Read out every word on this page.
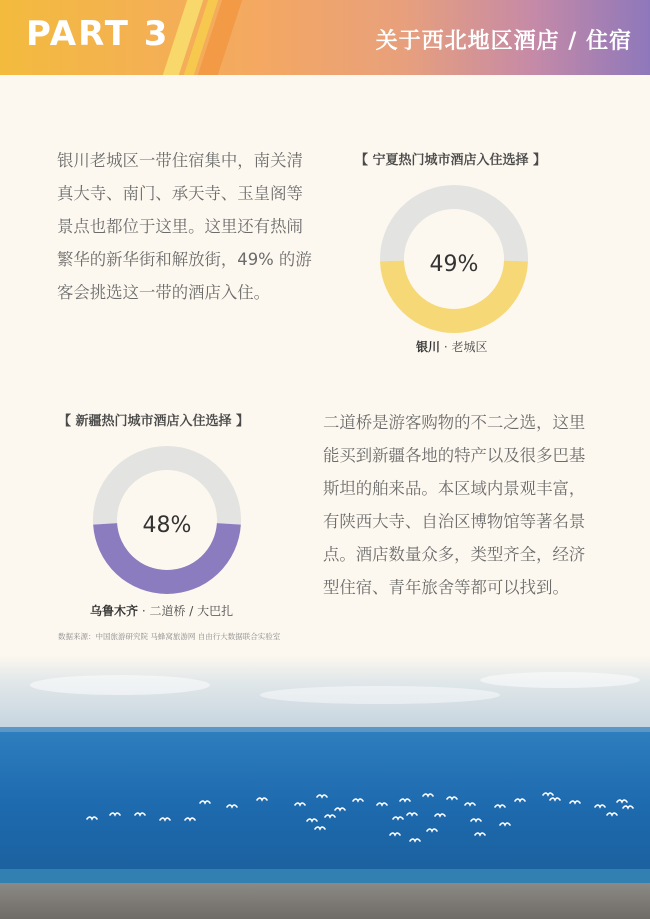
PART 3	关于西北地区酒店 / 住宿
银川老城区一带住宿集中，南关清真大寺、南门、承天寺、玉皇阁等景点也都位于这里。这里还有热闹繁华的新华街和解放街，49% 的游客会挑选这一带的酒店入住。
【 宁夏热门城市酒店入住选择 】
49%
银川 · 老城区
【 新疆热门城市酒店入住选择 】
48%
乌鲁木齐 · 二道桥 / 大巴扎
二道桥是游客购物的不二之选，这里能买到新疆各地的特产以及很多巴基斯坦的舶来品。本区域内景观丰富，有陕西大寺、自治区博物馆等著名景点。酒店数量众多，类型齐全，经济型住宿、青年旅舍等都可以找到。
数据来源：中国旅游研究院 马蜂窝旅游网 自由行大数据联合实验室
